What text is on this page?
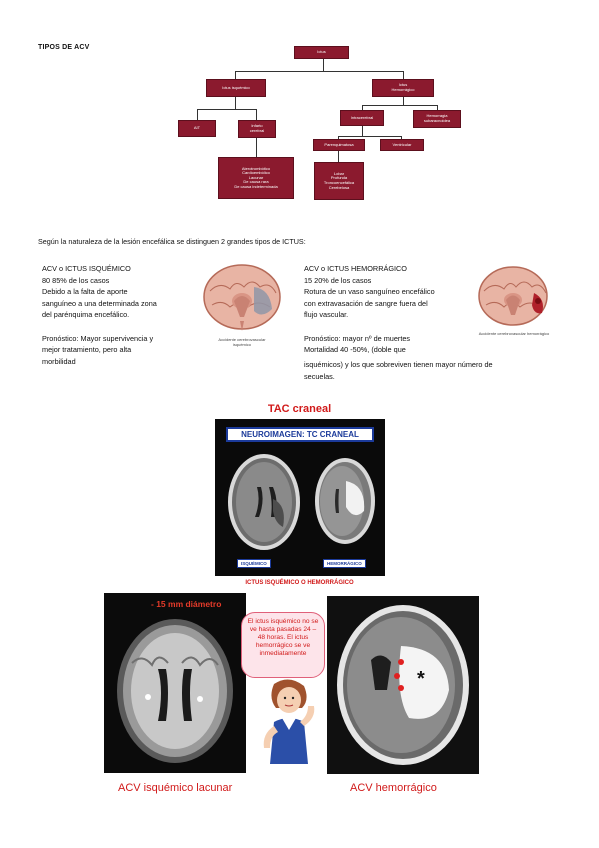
TIPOS DE ACV
Ictus
Ictus isquémico	Ictus
Hemorrágico
AIT	Infarto
cerebral
Aterotrombótico
Cardioembólico
Lacunar
De causa rara
De causa indeterminada
Intracerebral	Hemorragia
subaracnoidea
Parenquimatosa	Ventricular
Lobar
Profunda
Troncoencefálica
Cerebelosa
Según la naturaleza de la lesión encefálica se distinguen 2 grandes tipos de ICTUS:

ACV o ICTUS ISQUÉMICO

80 85% de los casos

Debido a la falta de aporte

sanguíneo a una determinada zona

del parénquima encefálico.

Pronóstico: Mayor supervivencia y

mejor tratamiento, pero alta

morbilidad

Accidente cerebrovascular isquémico

ACV o ICTUS HEMORRÁGICO

15 20% de los casos

Rotura de un vaso sanguíneo encefálico

con extravasación de sangre fuera del

flujo vascular.

Pronóstico: mayor nº de muertes

Mortalidad 40 -50%, (doble que

isquémicos) y los que sobreviven tienen mayor número de

secuelas.

Accidente cerebrovascular hemorrágico
TAC craneal
NEUROIMAGEN: TC CRANEAL
ISQUÉMICO	HEMORRÁGICO
ICTUS ISQUÉMICO O HEMORRÁGICO
- 15 mm diámetro
El ictus isquémico no se ve hasta pasadas 24 – 48 horas. El ictus hemorrágico se ve inmediatamente
*
ACV isquémico lacunar	ACV hemorrágico
